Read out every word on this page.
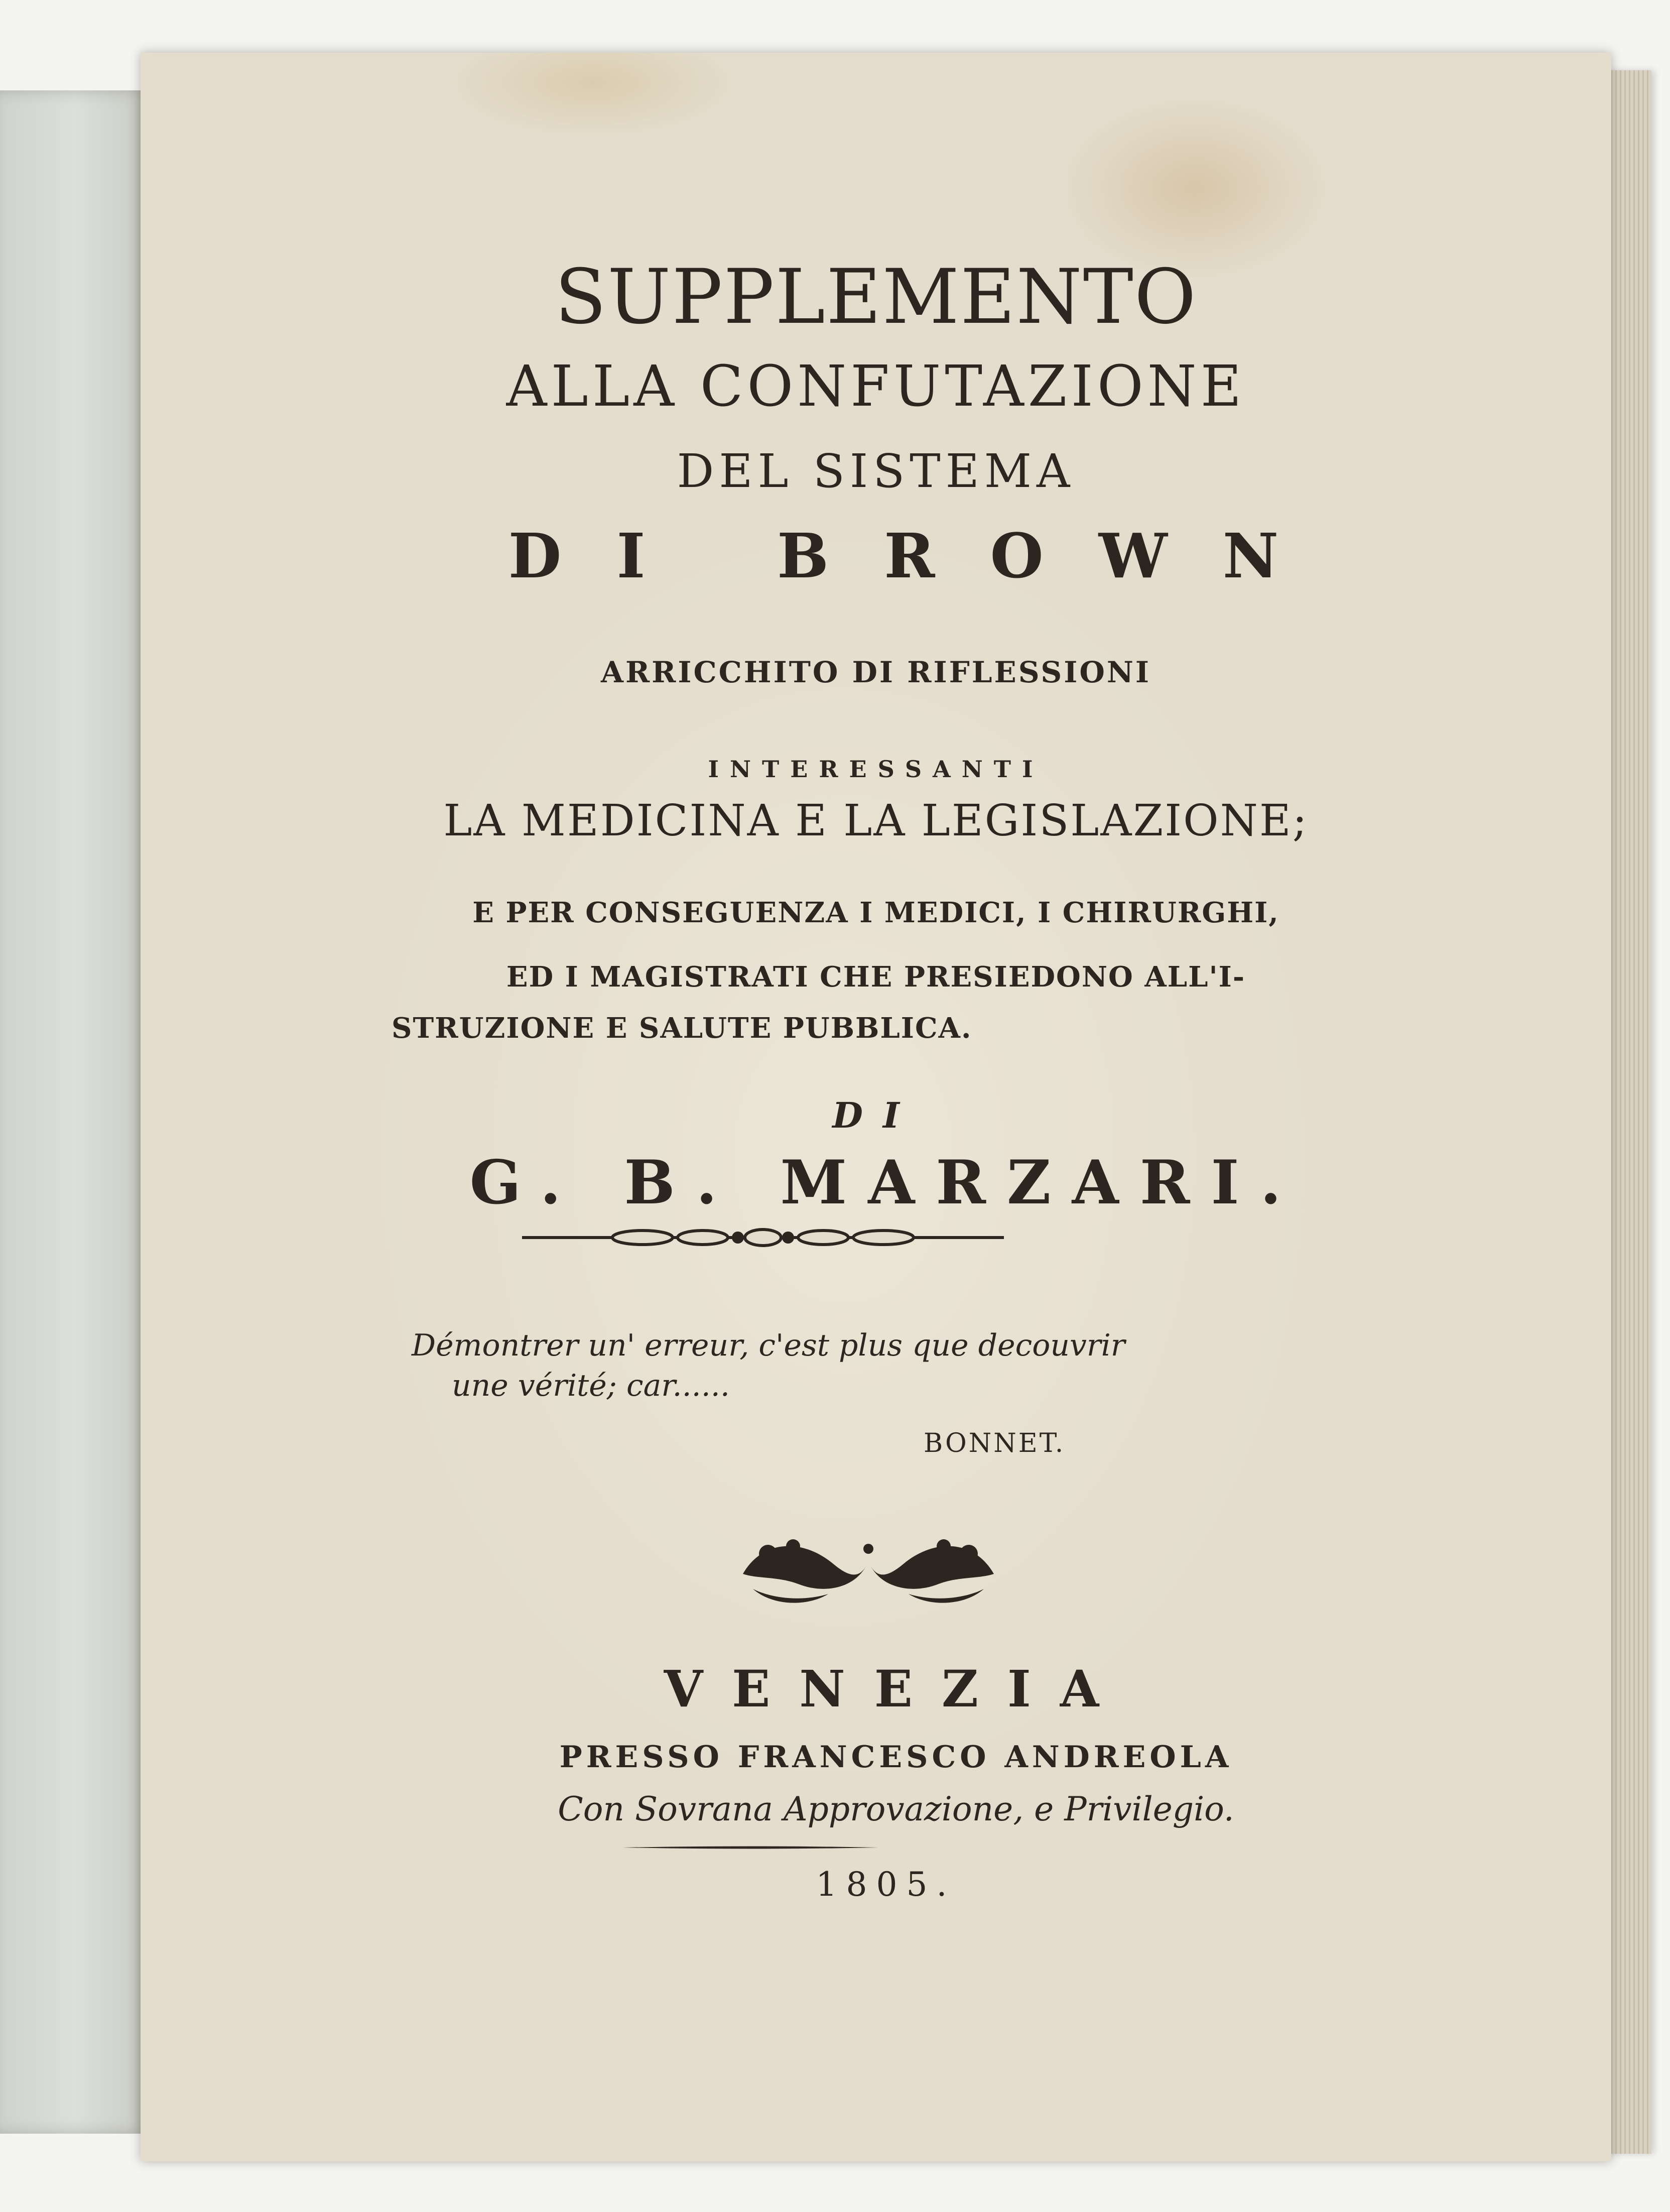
SUPPLEMENTO
ALLA CONFUTAZIONE
DEL SISTEMA
DI BROWN
ARRICCHITO DI RIFLESSIONI
INTERESSANTI
LA MEDICINA E LA LEGISLAZIONE;
E PER CONSEGUENZA I MEDICI, I CHIRURGHI,
ED I MAGISTRATI CHE PRESIEDONO ALL'I-
STRUZIONE E SALUTE PUBBLICA.
DI
G. B. MARZARI.
Démontrer un' erreur, c'est plus que decouvrir
une vérité; car......
BONNET.
VENEZIA
PRESSO FRANCESCO ANDREOLA
Con Sovrana Approvazione, e Privilegio.
1805.
